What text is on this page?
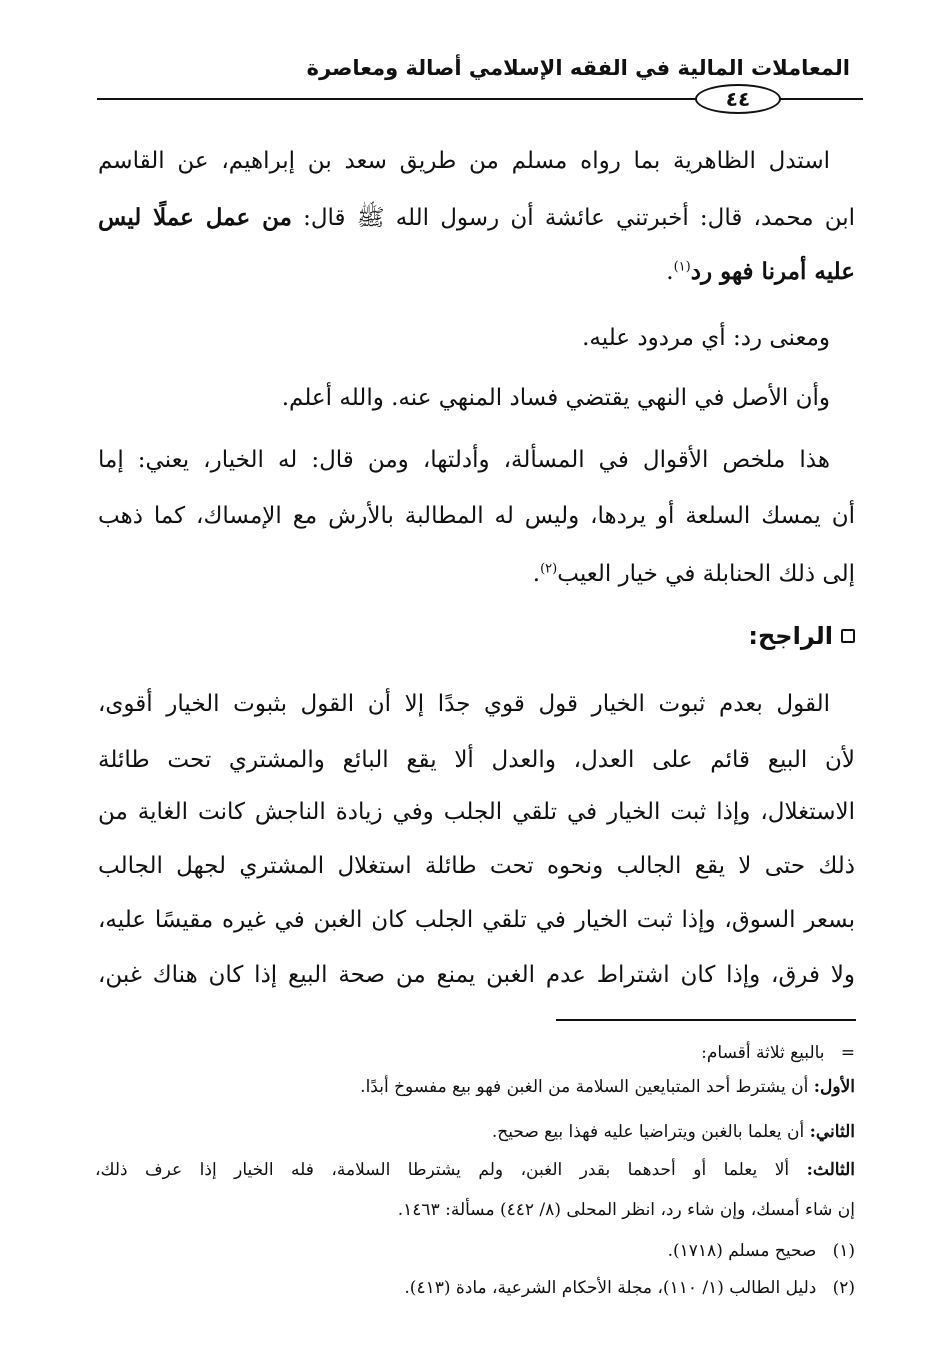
المعاملات المالية في الفقه الإسلامي أصالة ومعاصرة
٤٤
استدل الظاهرية بما رواه مسلم من طريق سعد بن إبراهيم، عن القاسم
ابن محمد، قال: أخبرتني عائشة أن رسول الله ﷺ قال: من عمل عملًا ليس
عليه أمرنا فهو رد$^{(١)}$.
ومعنى رد: أي مردود عليه.
وأن الأصل في النهي يقتضي فساد المنهي عنه. والله أعلم.
هذا ملخص الأقوال في المسألة، وأدلتها، ومن قال: له الخيار، يعني: إما
أن يمسك السلعة أو يردها، وليس له المطالبة بالأرش مع الإمساك، كما ذهب
إلى ذلك الحنابلة في خيار العيب$^{(٢)}$.
الراجح:
القول بعدم ثبوت الخيار قول قوي جدًا إلا أن القول بثبوت الخيار أقوى،
لأن البيع قائم على العدل، والعدل ألا يقع البائع والمشتري تحت طائلة
الاستغلال، وإذا ثبت الخيار في تلقي الجلب وفي زيادة الناجش كانت الغاية من
ذلك حتى لا يقع الجالب ونحوه تحت طائلة استغلال المشتري لجهل الجالب
بسعر السوق، وإذا ثبت الخيار في تلقي الجلب كان الغبن في غيره مقيسًا عليه،
ولا فرق، وإذا كان اشتراط عدم الغبن يمنع من صحة البيع إذا كان هناك غبن،
=   بالبيع ثلاثة أقسام:
الأول: أن يشترط أحد المتبايعين السلامة من الغبن فهو بيع مفسوخ أبدًا.
الثاني: أن يعلما بالغبن ويتراضيا عليه فهذا بيع صحيح.
الثالث: ألا يعلما أو أحدهما بقدر الغبن، ولم يشترطا السلامة، فله الخيار إذا عرف ذلك،
إن شاء أمسك، وإن شاء رد، انظر المحلى (٨/ ٤٤٢) مسألة: ١٤٦٣.
(١)   صحيح مسلم (١٧١٨).
(٢)   دليل الطالب (١/ ١١٠)، مجلة الأحكام الشرعية، مادة (٤١٣).
